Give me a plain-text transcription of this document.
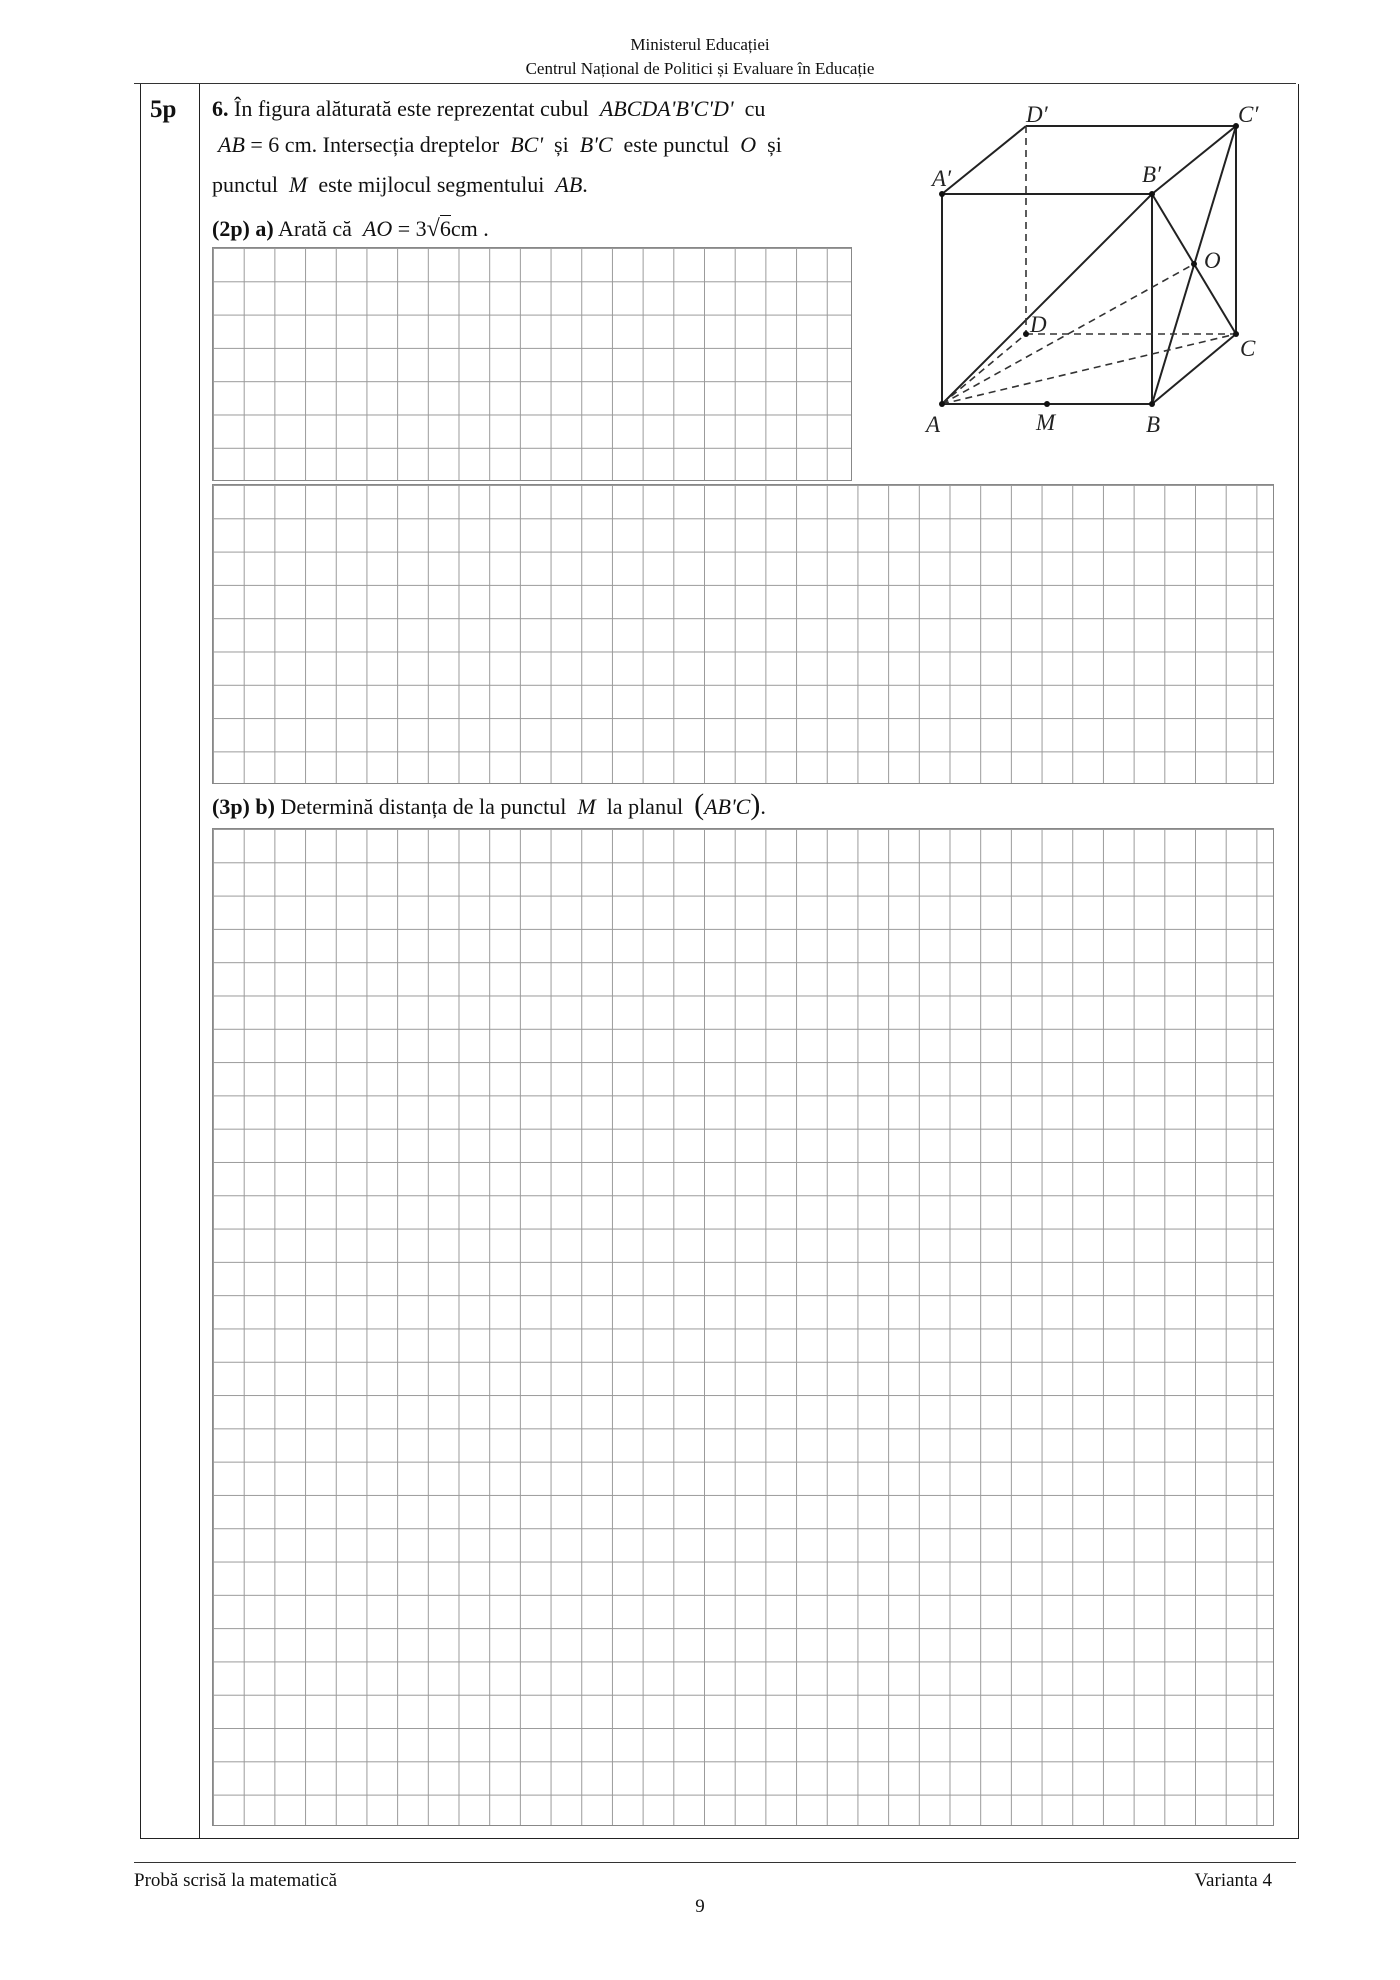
Ministerul Educației
Centrul Național de Politici și Evaluare în Educație
5p 6. În figura alăturată este reprezentat cubul ABCDA'B'C'D' cu
AB = 6 cm. Intersecția dreptelor BC' și B'C este punctul O și
punctul M este mijlocul segmentului AB.
(2p) a) Arată că AO = 3√6cm .
(3p) b) Determină distanța de la punctul M la planul (AB'C).
A	B
C
D
A′	B′
C′
D′
M
O
Probă scrisă la matematică	Varianta 4
9
